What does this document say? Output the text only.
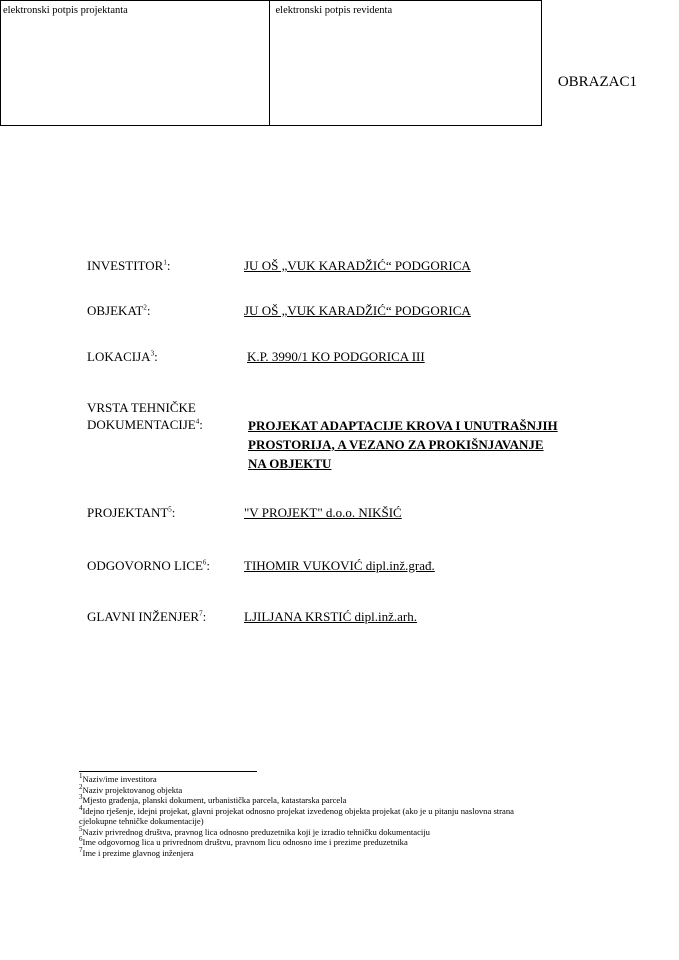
OBRAZAC1
elektronski potpis projektanta	elektronski potpis revidenta
INVESTITOR$^1$:	JU OŠ „VUK KARADŽIĆ“ PODGORICA
OBJEKAT$^2$:	JU OŠ „VUK KARADŽIĆ“ PODGORICA
LOKACIJA$^3$:	K.P. 3990/1 KO PODGORICA III
VRSTA TEHNIČKE
DOKUMENTACIJE$^4$:	PROJEKAT ADAPTACIJE KROVA I UNUTRAŠNJIH
PROSTORIJA, A VEZANO ZA PROKIŠNJAVANJE
NA OBJEKTU
PROJEKTANT$^5$:	"V PROJEKT" d.o.o. NIKŠIĆ
ODGOVORNO LICE$^6$:	TIHOMIR VUKOVIĆ dipl.inž.građ.
GLAVNI INŽENJER$^7$:	LJILJANA KRSTIĆ dipl.inž.arh.
$^1$Naziv/ime investitora
$^2$Naziv projektovanog objekta
$^3$Mjesto građenja, planski dokument, urbanistička parcela, katastarska parcela
$^4$Idejno rješenje, idejni projekat, glavni projekat odnosno projekat izvedenog objekta projekat (ako je u pitanju naslovna strana cjelokupne tehničke dokumentacije)
$^5$Naziv privrednog društva, pravnog lica odnosno preduzetnika koji je izradio tehničku dokumentaciju
$^6$Ime odgovornog lica u privrednom društvu, pravnom licu odnosno ime i prezime preduzetnika
$^7$Ime i prezime glavnog inženjera
